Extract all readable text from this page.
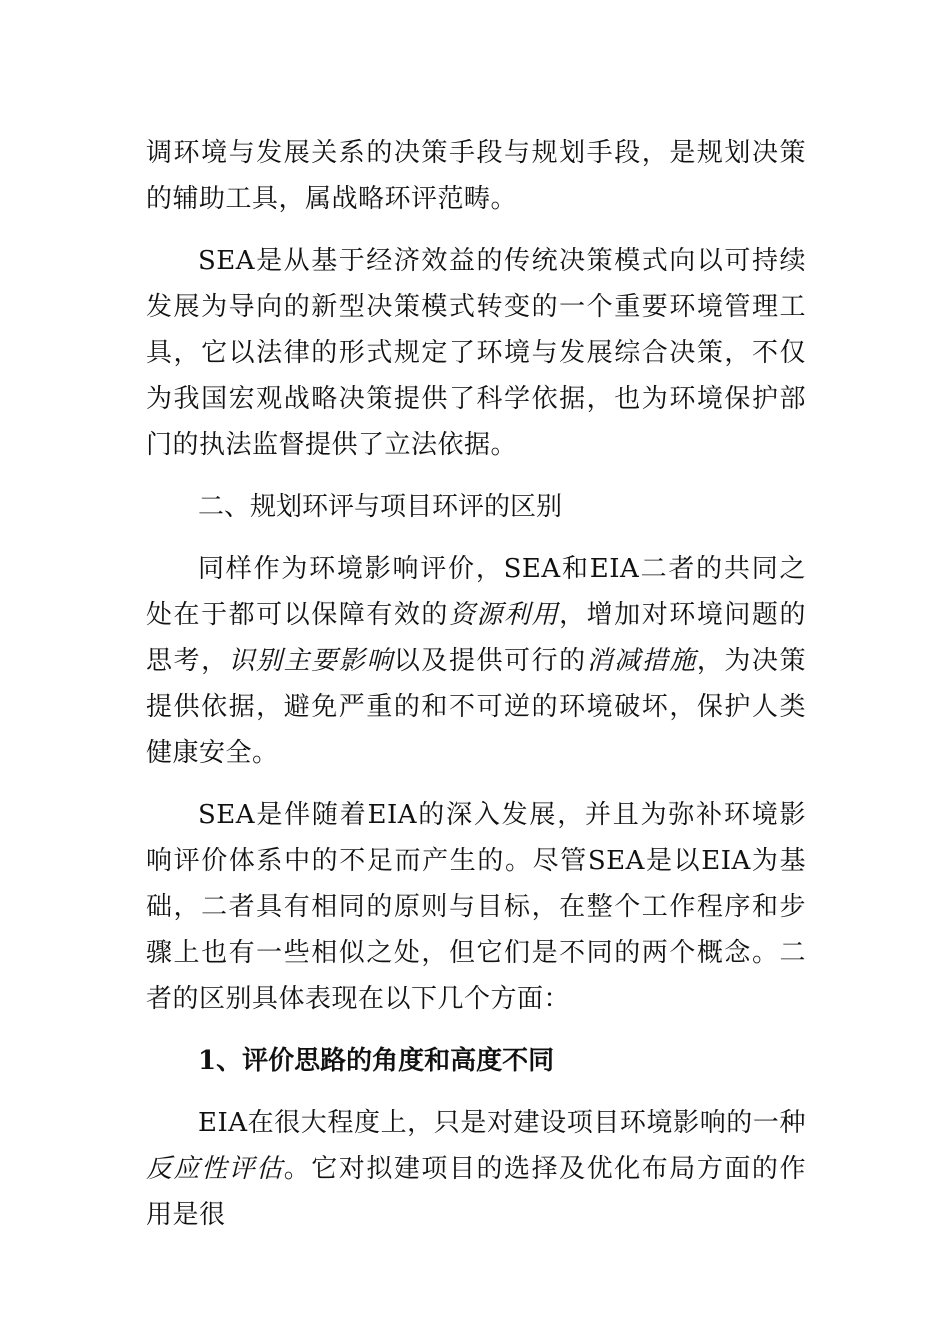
调环境与发展关系的决策手段与规划手段，是规划决策的辅助工具，属战略环评范畴。

SEA是从基于经济效益的传统决策模式向以可持续发展为导向的新型决策模式转变的一个重要环境管理工具，它以法律的形式规定了环境与发展综合决策，不仅为我国宏观战略决策提供了科学依据，也为环境保护部门的执法监督提供了立法依据。

二、规划环评与项目环评的区别

同样作为环境影响评价，SEA和EIA二者的共同之处在于都可以保障有效的资源利用，增加对环境问题的思考，识别主要影响以及提供可行的消减措施，为决策提供依据，避免严重的和不可逆的环境破坏，保护人类健康安全。

SEA是伴随着EIA的深入发展，并且为弥补环境影响评价体系中的不足而产生的。尽管SEA是以EIA为基础，二者具有相同的原则与目标，在整个工作程序和步骤上也有一些相似之处，但它们是不同的两个概念。二者的区别具体表现在以下几个方面：

1、评价思路的角度和高度不同

EIA在很大程度上，只是对建设项目环境影响的一种反应性评估。它对拟建项目的选择及优化布局方面的作用是很
